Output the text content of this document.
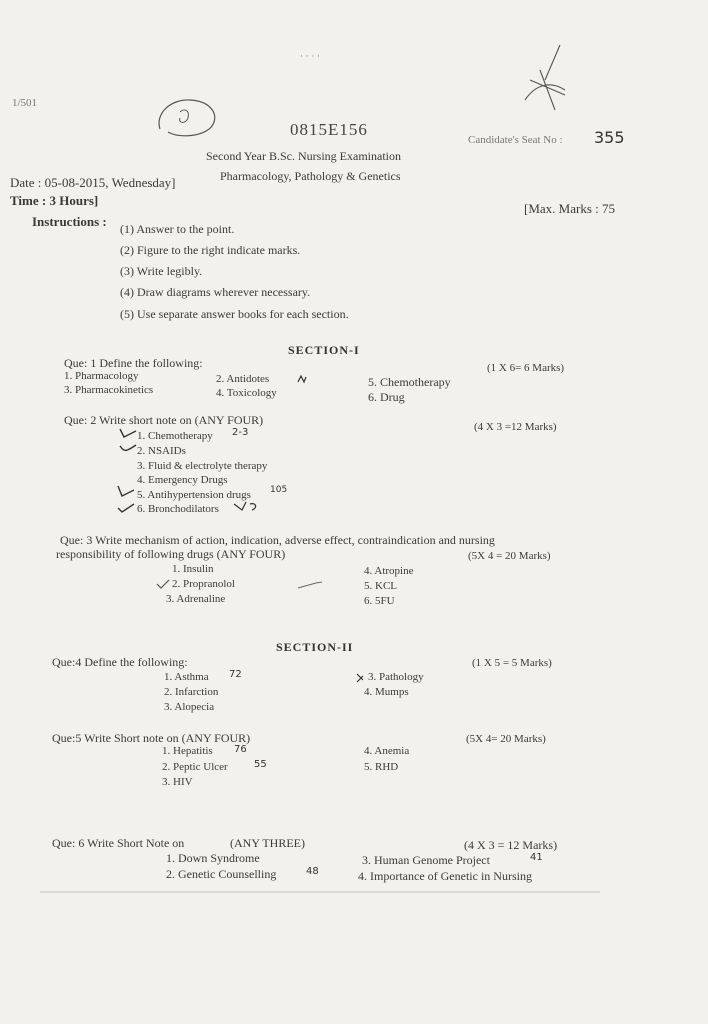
· · · ·
1/501
0815E156
Candidate's Seat No : 355
Second Year B.Sc. Nursing Examination
Pharmacology, Pathology & Genetics
Date : 05-08-2015, Wednesday]
Time : 3 Hours]
[Max. Marks : 75
Instructions : (1) Answer to the point.
(2) Figure to the right indicate marks.
(3) Write legibly.
(4) Draw diagrams wherever necessary.
(5) Use separate answer books for each section.
SECTION-I
Que: 1 Define the following:	(1 X 6= 6 Marks)
1. Pharmacology	2. Antidotes
3. Pharmacokinetics	4. Toxicology
5. Chemotherapy
6. Drug
Que: 2 Write short note on (ANY FOUR)	(4 X 3 =12 Marks)
1. Chemotherapy 2-3
2. NSAIDs
3. Fluid & electrolyte therapy
4. Emergency Drugs
5. Antihypertension drugs 105
6. Bronchodilators
Que: 3 Write mechanism of action, indication, adverse effect, contraindication and nursing
responsibility of following drugs (ANY FOUR)	(5X 4 = 20 Marks)
1. Insulin
2. Propranolol
3. Adrenaline
4. Atropine
5. KCL
6. 5FU
SECTION-II
Que:4 Define the following:	(1 X 5 = 5 Marks)
1. Asthma 72
2. Infarction
3. Alopecia
3. Pathology
4. Mumps
Que:5 Write Short note on (ANY FOUR)	(5X 4= 20 Marks)
1. Hepatitis 76
2. Peptic Ulcer	55
3. HIV
4. Anemia
5. RHD
Que: 6 Write Short Note on	(ANY THREE)	(4 X 3 = 12 Marks)
1. Down Syndrome
2. Genetic Counselling	48
3. Human Genome Project	41
4. Importance of Genetic in Nursing
